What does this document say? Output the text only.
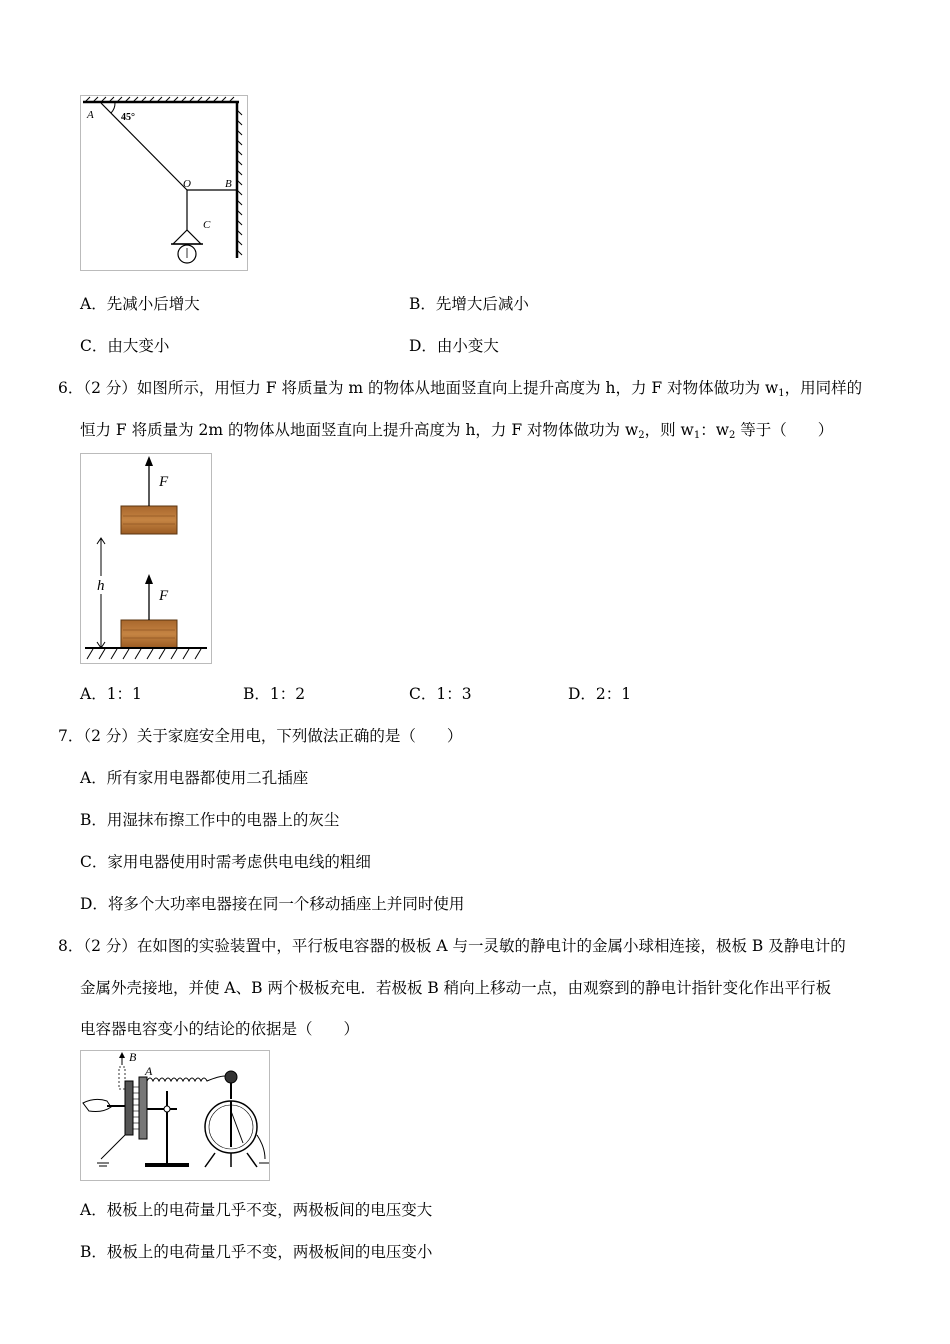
A	45°
O	B
C
A．先减小后增大	B．先增大后减小
C．由大变小	D．由小变大
6．（2 分）如图所示，用恒力 F 将质量为 m 的物体从地面竖直向上提升高度为 h，力 F 对物体做功为 $w_1$，用同样的
恒力 F 将质量为 2m 的物体从地面竖直向上提升高度为 h，力 F 对物体做功为 $w_2$，则 $w_1$：$w_2$ 等于（　　）
F
F
h
A．1：1	B．1：2	C．1：3	D．2：1
7．（2 分）关于家庭安全用电，下列做法正确的是（　　）
A．所有家用电器都使用二孔插座
B．用湿抹布擦工作中的电器上的灰尘
C．家用电器使用时需考虑供电电线的粗细
D．将多个大功率电器接在同一个移动插座上并同时使用
8．（2 分）在如图的实验装置中，平行板电容器的极板 A 与一灵敏的静电计的金属小球相连接，极板 B 及静电计的
金属外壳接地，并使 A、B 两个极板充电．若极板 B 稍向上移动一点，由观察到的静电计指针变化作出平行板
电容器电容变小的结论的依据是（　　）
B
A
A．极板上的电荷量几乎不变，两极板间的电压变大
B．极板上的电荷量几乎不变，两极板间的电压变小
